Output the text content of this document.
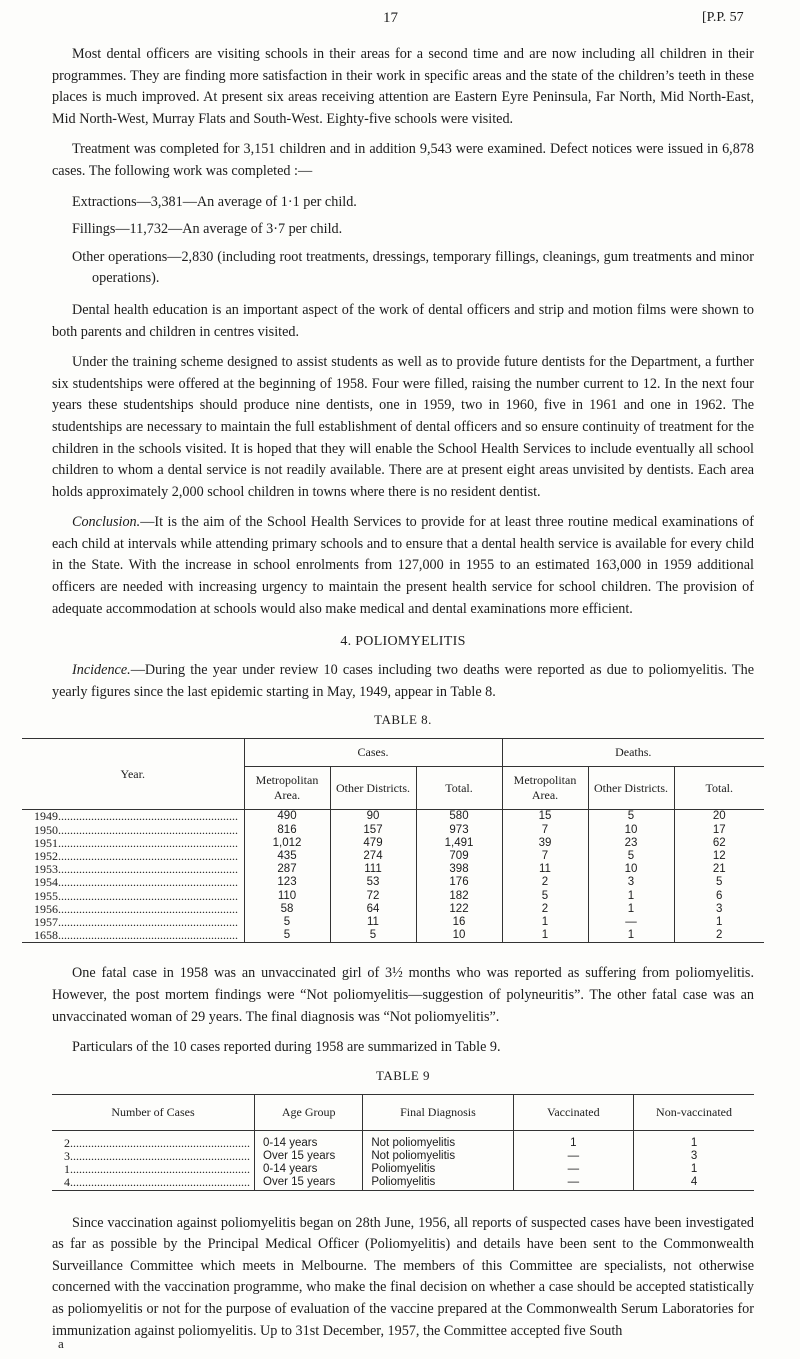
17	[P.P. 57

Most dental officers are visiting schools in their areas for a second time and are now including all children in their programmes. They are finding more satisfaction in their work in specific areas and the state of the children’s teeth in these places is much improved. At present six areas receiving attention are Eastern Eyre Peninsula, Far North, Mid North-East, Mid North-West, Murray Flats and South-West. Eighty-five schools were visited.

Treatment was completed for 3,151 children and in addition 9,543 were examined. Defect notices were issued in 6,878 cases. The following work was completed :—

Extractions—3,381—An average of 1·1 per child.

Fillings—11,732—An average of 3·7 per child.

Other operations—2,830 (including root treatments, dressings, temporary fillings, cleanings, gum treatments and minor operations).

Dental health education is an important aspect of the work of dental officers and strip and motion films were shown to both parents and children in centres visited.

Under the training scheme designed to assist students as well as to provide future dentists for the Department, a further six studentships were offered at the beginning of 1958. Four were filled, raising the number current to 12. In the next four years these studentships should produce nine dentists, one in 1959, two in 1960, five in 1961 and one in 1962. The studentships are necessary to maintain the full establishment of dental officers and so ensure continuity of treatment for the children in the schools visited. It is hoped that they will enable the School Health Services to include eventually all school children to whom a dental service is not readily available. There are at present eight areas unvisited by dentists. Each area holds approximately 2,000 school children in towns where there is no resident dentist.

Conclusion.—It is the aim of the School Health Services to provide for at least three routine medical examinations of each child at intervals while attending primary schools and to ensure that a dental health service is available for every child in the State. With the increase in school enrolments from 127,000 in 1955 to an estimated 163,000 in 1959 additional officers are needed with increasing urgency to maintain the present health service for school children. The provision of adequate accommodation at schools would also make medical and dental examinations more efficient.

4. POLIOMYELITIS

Incidence.—During the year under review 10 cases including two deaths were reported as due to poliomyelitis. The yearly figures since the last epidemic starting in May, 1949, appear in Table 8.

TABLE 8.
Year.	Cases.			Deaths.		
	Metropolitan Area.	Other Districts.	Total.	Metropolitan Area.	Other Districts.	Total.
1949............................................................	490	90	580	15	5	20
1950............................................................	816	157	973	7	10	17
1951............................................................	1,012	479	1,491	39	23	62
1952............................................................	435	274	709	7	5	12
1953............................................................	287	111	398	11	10	21
1954............................................................	123	53	176	2	3	5
1955............................................................	110	72	182	5	1	6
1956............................................................	58	64	122	2	1	3
1957............................................................	5	11	16	1	—	1
1658............................................................	5	5	10	1	1	2

One fatal case in 1958 was an unvaccinated girl of 3½ months who was reported as suffering from poliomyelitis. However, the post mortem findings were “Not poliomyelitis—suggestion of polyneuritis”. The other fatal case was an unvaccinated woman of 29 years. The final diagnosis was “Not poliomyelitis”.

Particulars of the 10 cases reported during 1958 are summarized in Table 9.

TABLE 9
Number of Cases	Age Group	Final Diagnosis	Vaccinated	Non-vaccinated
2............................................................	0-14 years	Not poliomyelitis	1	1
3............................................................	Over 15 years	Not poliomyelitis	—	3
1............................................................	0-14 years	Poliomyelitis	—	1
4............................................................	Over 15 years	Poliomyelitis	—	4

Since vaccination against poliomyelitis began on 28th June, 1956, all reports of suspected cases have been investigated as far as possible by the Principal Medical Officer (Poliomyelitis) and details have been sent to the Commonwealth Surveillance Committee which meets in Melbourne. The members of this Committee are specialists, not otherwise concerned with the vaccination programme, who make the final decision on whether a case should be accepted statistically as poliomyelitis or not for the purpose of evaluation of the vaccine prepared at the Commonwealth Serum Laboratories for immunization against poliomyelitis. Up to 31st December, 1957, the Committee accepted five South

a
